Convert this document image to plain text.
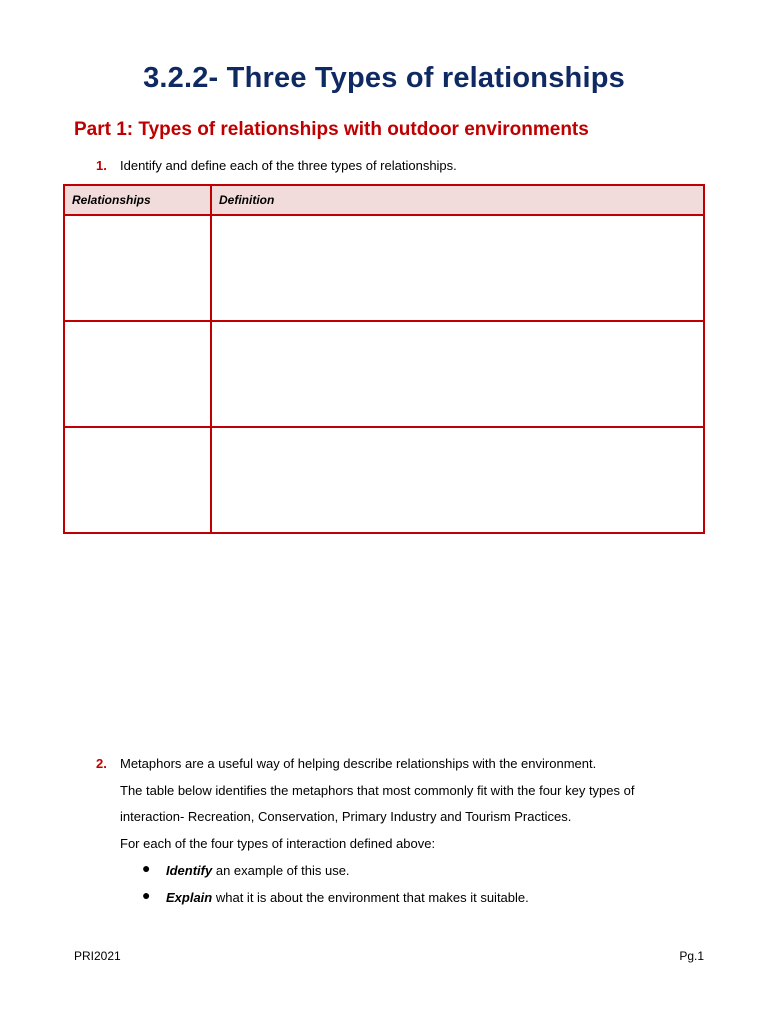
3.2.2- Three Types of relationships
Part 1: Types of relationships with outdoor environments
1. Identify and define each of the three types of relationships.
Relationships	Definition

2. Metaphors are a useful way of helping describe relationships with the environment.
The table below identifies the metaphors that most commonly fit with the four key types of
interaction- Recreation, Conservation, Primary Industry and Tourism Practices.
For each of the four types of interaction defined above:
● Identify an example of this use.
● Explain what it is about the environment that makes it suitable.
PRI2021	Pg.1
